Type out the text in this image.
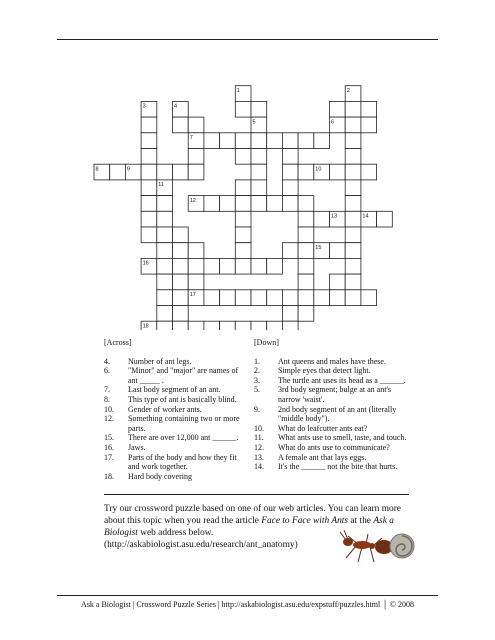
1	2
3	4
5	6
7
8	9	10
11
12
13	14
15
16
17
18
[Across]
4.	Number of ant legs.
6.	"Minor" and "major" are names of ant _____ .
7.	Last body segment of an ant.
8.	This type of ant is basically blind.
10.	Gender of worker ants.
12.	Something containing two or more parts.
15.	There are over 12,000 ant ______.
16.	Jaws.
17.	Parts of the body and how they fit and work together.
18.	Hard body covering
[Down]
1.	Ant queens and males have these.
2.	Simple eyes that detect light.
3.	The turtle ant uses its head as a ______.
5.	3rd body segment; bulge at an ant's narrow 'waist'.
9.	2nd body segment of an ant (literally "middle body").
10.	What do leafcutter ants eat?
11.	What ants use to smell, taste, and touch.
12.	What do ants use to communicate?
13.	A female ant that lays eggs.
14.	It's the ______ not the bite that hurts.
Try our crossword puzzle based on one of our web articles. You can learn more about this topic when you read the article Face to Face with Ants at the Ask a Biologist web address below.
(http://askabiologist.asu.edu/research/ant_anatomy)
Ask a Biologist | Crossword Puzzle Series | http://askabiologist.asu.edu/expstuff/puzzles.html │ © 2008
